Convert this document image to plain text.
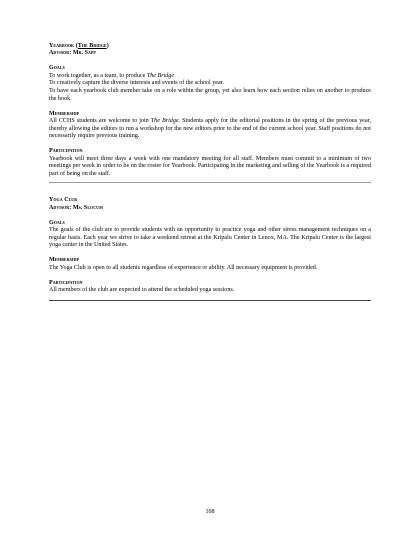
Yearbook (The Bridge)
Advisor: Mr. Sapp
Goals

To work together, as a team, to produce The Bridge

To creatively capture the diverse interests and events of the school year.

To have each yearbook club member take on a role within the group, yet also learn how each section relies on another to produce the book.

Membership

All CCHS students are welcome to join The Bridge. Students apply for the editorial positions in the spring of the previous year, thereby allowing the editors to run a workshop for the new editors prior to the end of the current school year. Staff positions do not necessarily require previous training.

Participation

Yearbook will meet three days a week with one mandatory meeting for all staff. Members must commit to a minimum of two meetings per week in order to be on the roster for Yearbook. Participating in the marketing and selling of the Yearbook is a required part of being on the staff.

Yoga Club
Advisor: Ms. Slocum
Goals

The goals of the club are to provide students with an opportunity to practice yoga and other stress management techniques on a regular basis. Each year we strive to take a weekend retreat at the Kripalu Center in Lenox, MA. The Kripalu Center is the largest yoga center in the United States.

Membership

The Yoga Club is open to all students regardless of experience or ability. All necessary equipment is provided.

Participation

All members of the club are expected to attend the scheduled yoga sessions.

108
